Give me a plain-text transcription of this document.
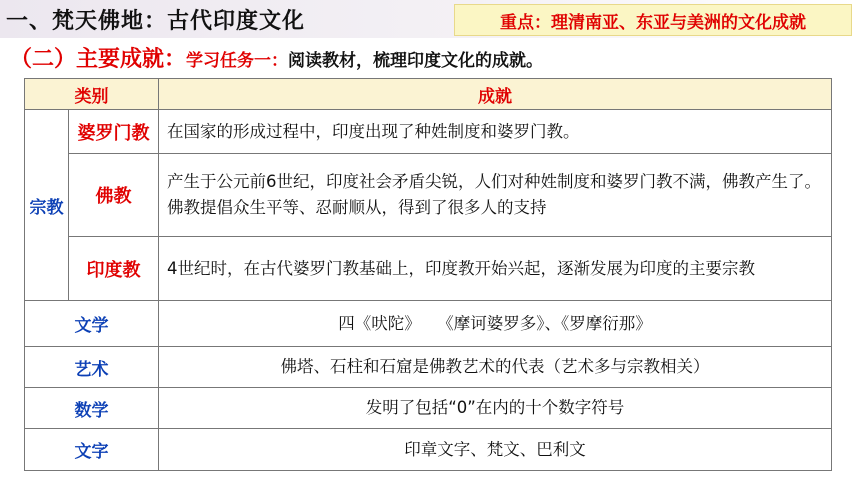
一、梵天佛地：古代印度文化	重点：理清南亚、东亚与美洲的文化成就
（二）主要成就：学习任务一：阅读教材，梳理印度文化的成就。
类别		成就
宗教	婆罗门教	在国家的形成过程中，印度出现了种姓制度和婆罗门教。
	佛教	产生于公元前6世纪，印度社会矛盾尖锐，人们对种姓制度和婆罗门教不满，佛教产生了。佛教提倡众生平等、忍耐顺从，得到了很多人的支持
	印度教	4世纪时，在古代婆罗门教基础上，印度教开始兴起，逐渐发展为印度的主要宗教
文学		四《吠陀》　　《摩诃婆罗多》、《罗摩衍那》
艺术		佛塔、石柱和石窟是佛教艺术的代表（艺术多与宗教相关）
数学		发明了包括“0”在内的十个数字符号
文字		印章文字、梵文、巴利文
